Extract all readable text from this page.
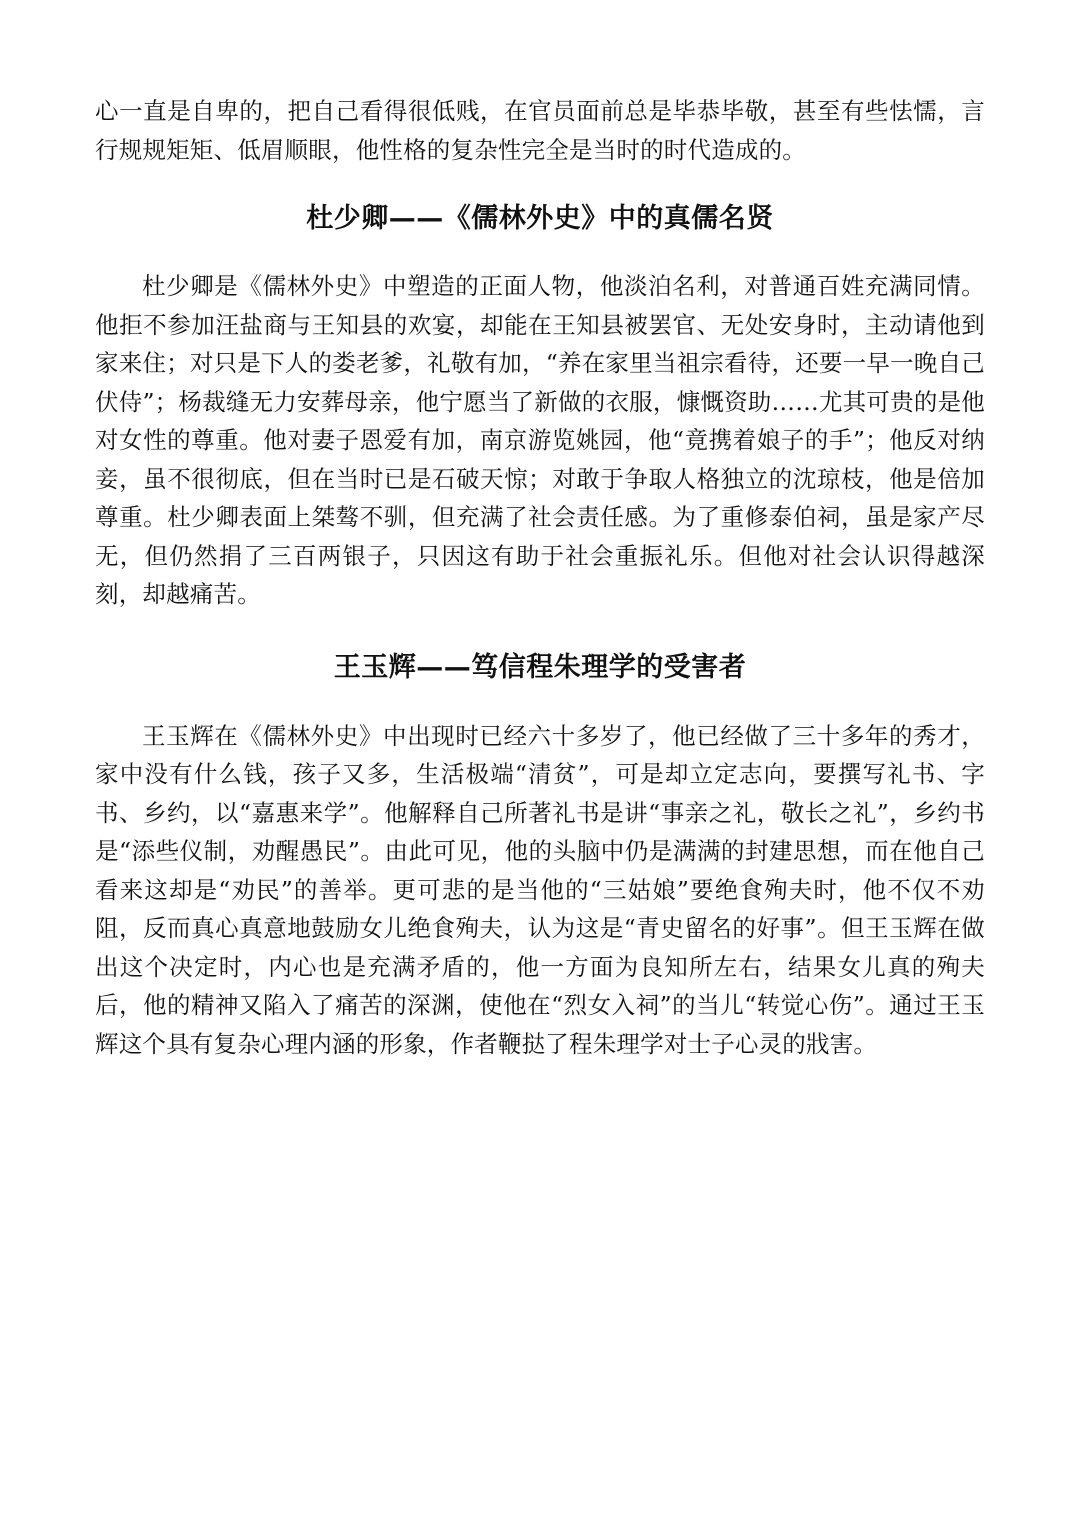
心一直是自卑的，把自己看得很低贱，在官员面前总是毕恭毕敬，甚至有些怯懦，言行规规矩矩、低眉顺眼，他性格的复杂性完全是当时的时代造成的。

杜少卿——《儒林外史》中的真儒名贤

杜少卿是《儒林外史》中塑造的正面人物，他淡泊名利，对普通百姓充满同情。他拒不参加汪盐商与王知县的欢宴，却能在王知县被罢官、无处安身时，主动请他到家来住；对只是下人的娄老爹，礼敬有加，“养在家里当祖宗看待，还要一早一晚自己伏侍”；杨裁缝无力安葬母亲，他宁愿当了新做的衣服，慷慨资助……尤其可贵的是他对女性的尊重。他对妻子恩爱有加，南京游览姚园，他“竟携着娘子的手”；他反对纳妾，虽不很彻底，但在当时已是石破天惊；对敢于争取人格独立的沈琼枝，他是倍加尊重。杜少卿表面上桀骜不驯，但充满了社会责任感。为了重修泰伯祠，虽是家产尽无，但仍然捐了三百两银子，只因这有助于社会重振礼乐。但他对社会认识得越深刻，却越痛苦。

王玉辉——笃信程朱理学的受害者

王玉辉在《儒林外史》中出现时已经六十多岁了，他已经做了三十多年的秀才，家中没有什么钱，孩子又多，生活极端“清贫”，可是却立定志向，要撰写礼书、字书、乡约，以“嘉惠来学”。他解释自己所著礼书是讲“事亲之礼，敬长之礼”，乡约书是“添些仪制，劝醒愚民”。由此可见，他的头脑中仍是满满的封建思想，而在他自己看来这却是“劝民”的善举。更可悲的是当他的“三姑娘”要绝食殉夫时，他不仅不劝阻，反而真心真意地鼓励女儿绝食殉夫，认为这是“青史留名的好事”。但王玉辉在做出这个决定时，内心也是充满矛盾的，他一方面为良知所左右，结果女儿真的殉夫后，他的精神又陷入了痛苦的深渊，使他在“烈女入祠”的当儿“转觉心伤”。通过王玉辉这个具有复杂心理内涵的形象，作者鞭挞了程朱理学对士子心灵的戕害。
